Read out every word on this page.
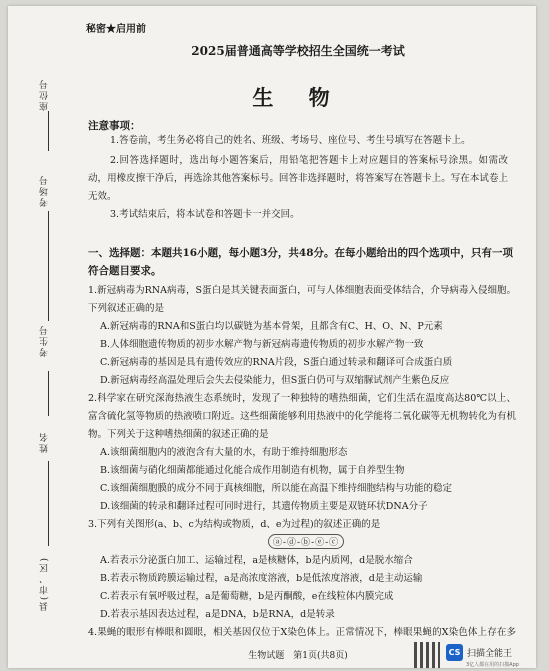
座位号
考场号
考生号
姓名
县(市、区)
秘密★启用前
2025届普通高等学校招生全国统一考试
生 物
注意事项：
1.答卷前，考生务必将自己的姓名、班级、考场号、座位号、考生号填写在答题卡上。
2.回答选择题时，选出每小题答案后，用铅笔把答题卡上对应题目的答案标号涂黑。如需改动，用橡皮擦干净后，再选涂其他答案标号。回答非选择题时，将答案写在答题卡上。写在本试卷上无效。
3.考试结束后，将本试卷和答题卡一并交回。
一、选择题：本题共16小题，每小题3分，共48分。在每小题给出的四个选项中，只有一项符合题目要求。
1.新冠病毒为RNA病毒，S蛋白是其关键表面蛋白，可与人体细胞表面受体结合，介导病毒入侵细胞。下列叙述正确的是
A.新冠病毒的RNA和S蛋白均以碳链为基本骨架，且都含有C、H、O、N、P元素
B.人体细胞遗传物质的初步水解产物与新冠病毒遗传物质的初步水解产物一致
C.新冠病毒的基因是具有遗传效应的RNA片段，S蛋白通过转录和翻译可合成蛋白质
D.新冠病毒经高温处理后会失去侵染能力，但S蛋白仍可与双缩脲试剂产生紫色反应
2.科学家在研究深海热液生态系统时，发现了一种独特的嗜热细菌，它们生活在温度高达80℃以上、富含硫化氢等物质的热液喷口附近。这些细菌能够利用热液中的化学能将二氧化碳等无机物转化为有机物。下列关于这种嗜热细菌的叙述正确的是
A.该细菌细胞内的液泡含有大量的水，有助于维持细胞形态
B.该细菌与硝化细菌都能通过化能合成作用制造有机物，属于自养型生物
C.该细菌细胞膜的成分不同于真核细胞，所以能在高温下维持细胞结构与功能的稳定
D.该细菌的转录和翻译过程可同时进行，其遗传物质主要是双链环状DNA分子
3.下列有关图形(a、b、c为结构或物质，d、e为过程)的叙述正确的是
ⓐ-ⓓ-ⓑ-ⓔ-ⓒ
A.若表示分泌蛋白加工、运输过程，a是核糖体，b是内质网，d是脱水缩合
B.若表示物质跨膜运输过程，a是高浓度溶液，b是低浓度溶液，d是主动运输
C.若表示有氧呼吸过程，a是葡萄糖，b是丙酮酸，e在线粒体内膜完成
D.若表示基因表达过程，a是DNA，b是RNA，d是转录
4.果蝇的眼形有棒眼和圆眼，相关基因仅位于X染色体上。正常情况下，棒眼果蝇的X染色体上存在多
生物试题　第1页(共8页)	CS 扫描全能王
3亿人都在用的扫描App
